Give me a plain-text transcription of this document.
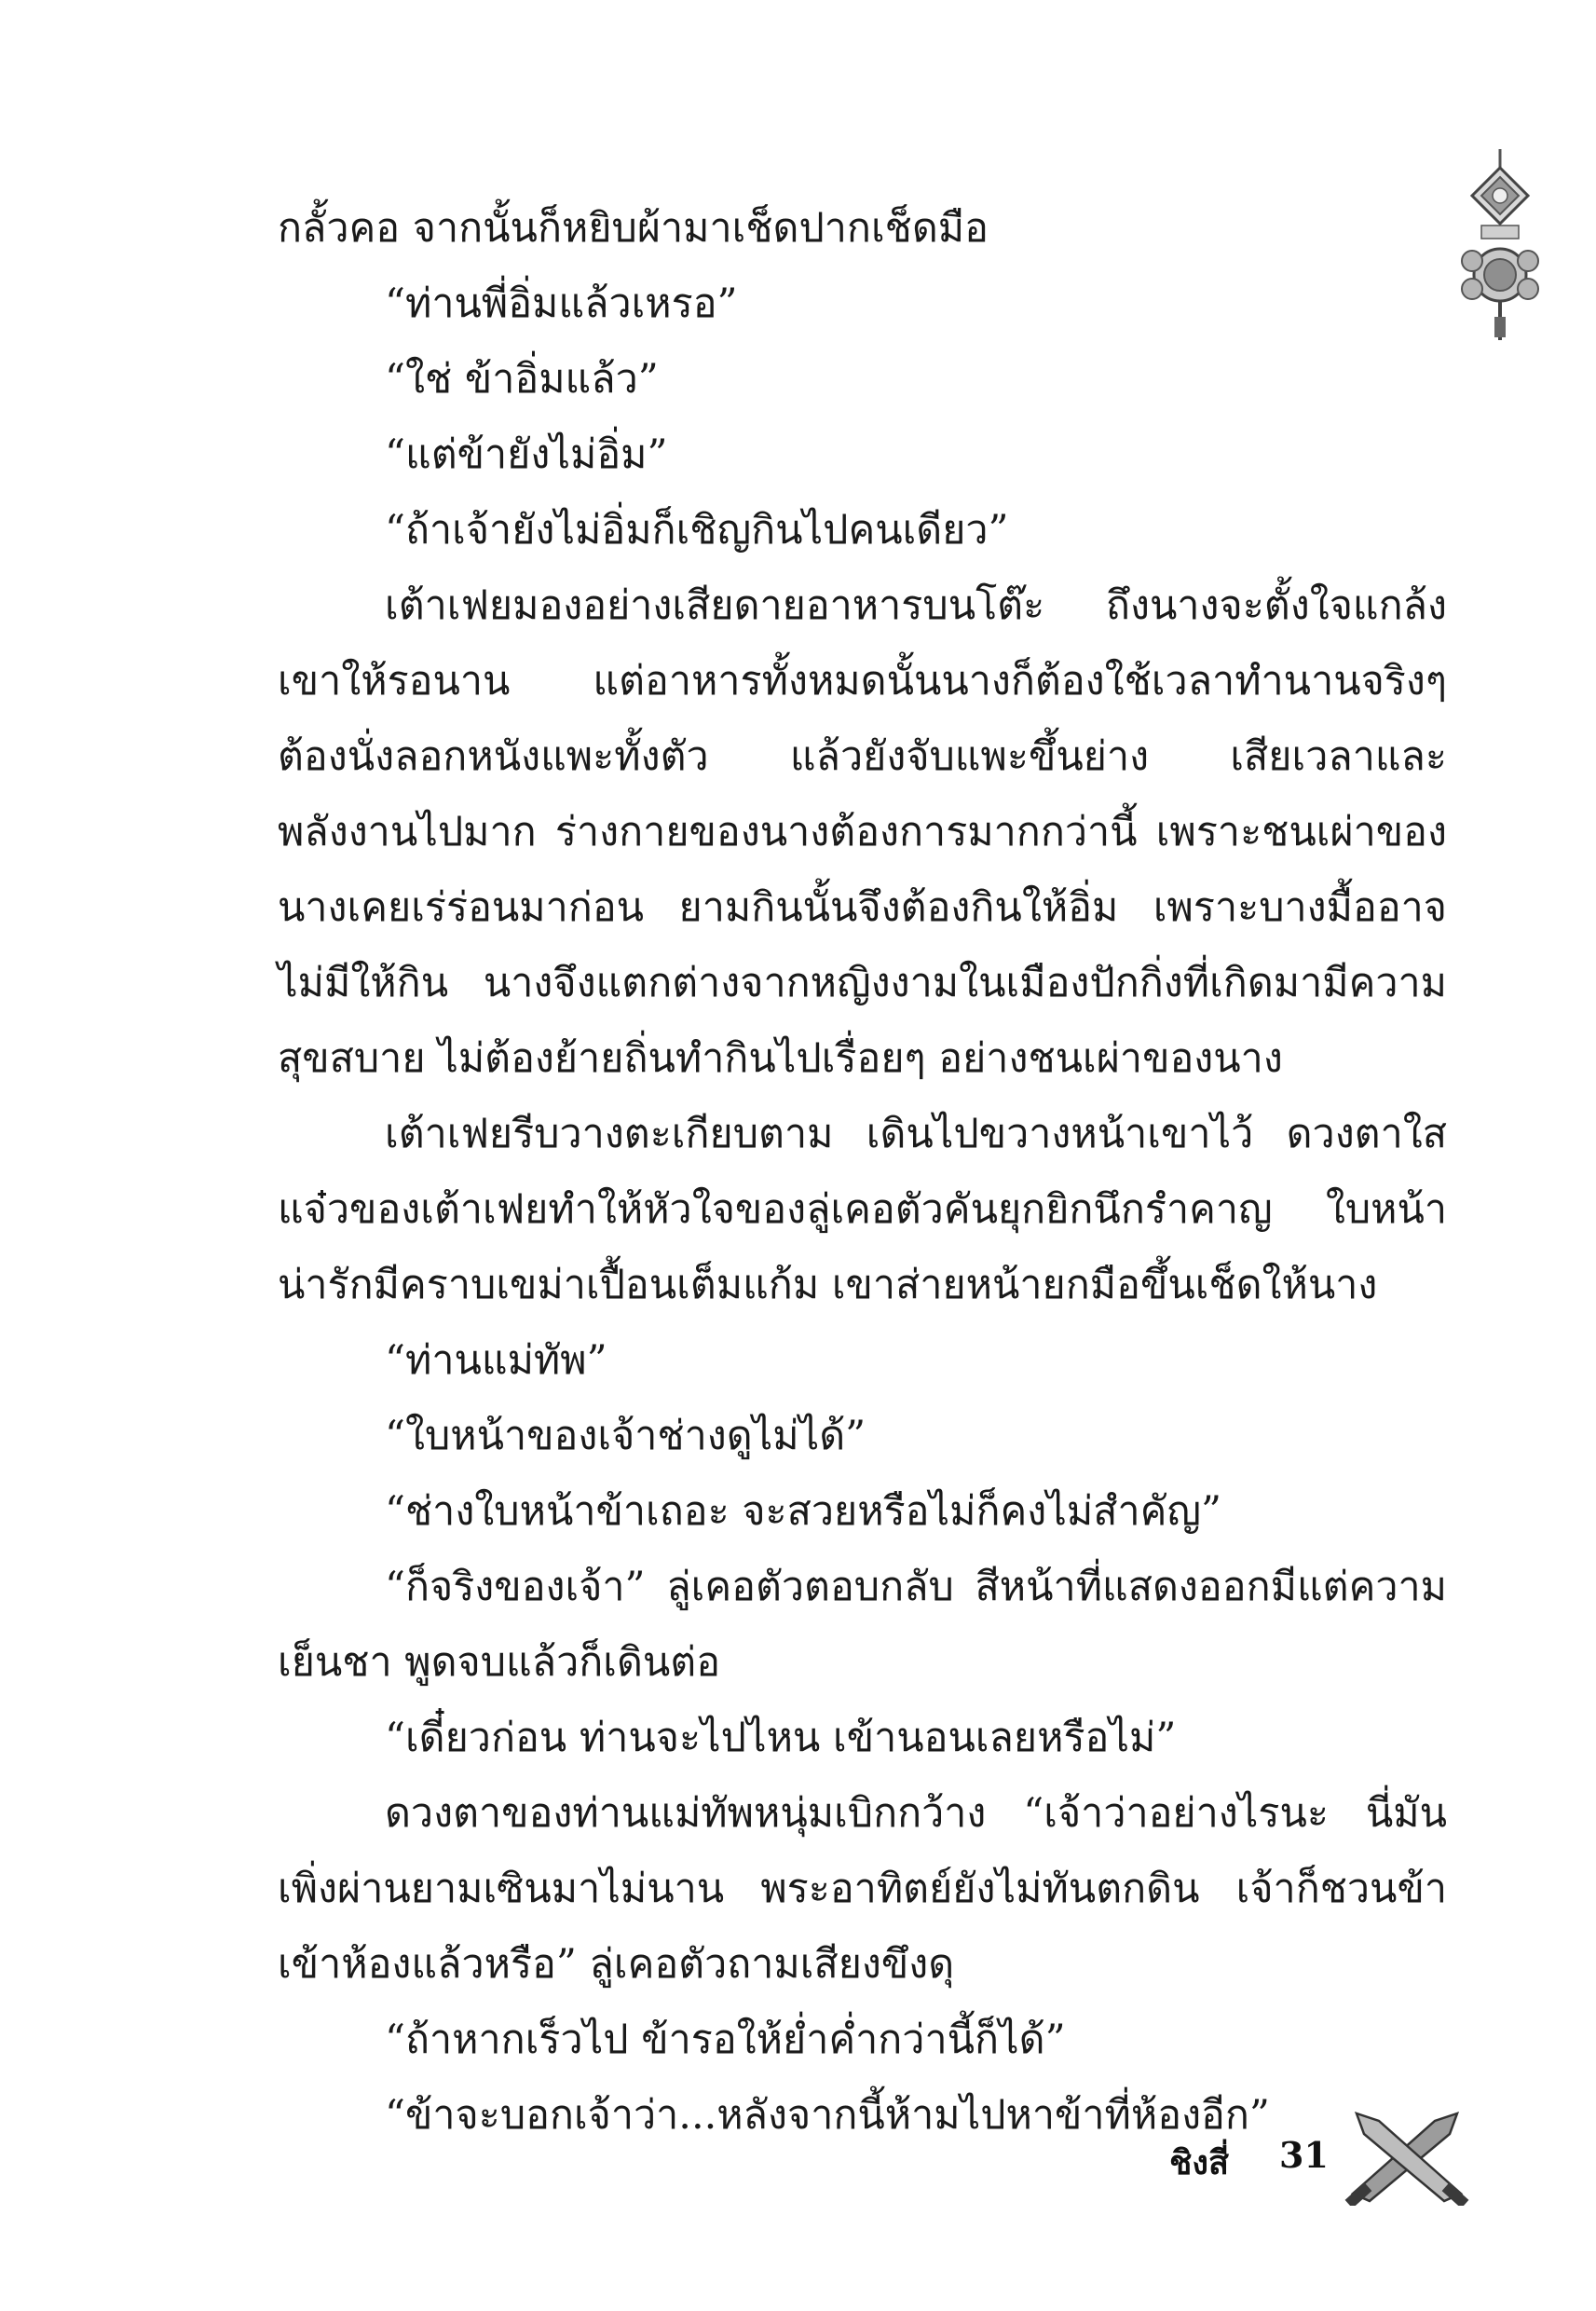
กลั้วคอ จากนั้นก็หยิบผ้ามาเช็ดปากเช็ดมือ

“ท่านพี่อิ่มแล้วเหรอ”

“ใช่ ข้าอิ่มแล้ว”

“แต่ข้ายังไม่อิ่ม”

“ถ้าเจ้ายังไม่อิ่มก็เชิญกินไปคนเดียว”

เต้าเฟยมองอย่างเสียดายอาหารบนโต๊ะ ถึงนางจะตั้งใจแกล้งเขาให้รอนาน แต่อาหารทั้งหมดนั้นนางก็ต้องใช้เวลาทำนานจริงๆ ต้องนั่งลอกหนังแพะทั้งตัว แล้วยังจับแพะขึ้นย่าง เสียเวลาและพลังงานไปมาก ร่างกายของนางต้องการมากกว่านี้ เพราะชนเผ่าของนางเคยเร่ร่อนมาก่อน ยามกินนั้นจึงต้องกินให้อิ่ม เพราะบางมื้ออาจไม่มีให้กิน นางจึงแตกต่างจากหญิงงามในเมืองปักกิ่งที่เกิดมามีความสุขสบาย ไม่ต้องย้ายถิ่นทำกินไปเรื่อยๆ อย่างชนเผ่าของนาง

เต้าเฟยรีบวางตะเกียบตาม เดินไปขวางหน้าเขาไว้ ดวงตาใสแจ๋วของเต้าเฟยทำให้หัวใจของลู่เคอตัวคันยุกยิกนึกรำคาญ ใบหน้าน่ารักมีคราบเขม่าเปื้อนเต็มแก้ม เขาส่ายหน้ายกมือขึ้นเช็ดให้นาง

“ท่านแม่ทัพ”

“ใบหน้าของเจ้าช่างดูไม่ได้”

“ช่างใบหน้าข้าเถอะ จะสวยหรือไม่ก็คงไม่สำคัญ”

“ก็จริงของเจ้า” ลู่เคอตัวตอบกลับ สีหน้าที่แสดงออกมีแต่ความเย็นชา พูดจบแล้วก็เดินต่อ

“เดี๋ยวก่อน ท่านจะไปไหน เข้านอนเลยหรือไม่”

ดวงตาของท่านแม่ทัพหนุ่มเบิกกว้าง “เจ้าว่าอย่างไรนะ นี่มันเพิ่งผ่านยามเซินมาไม่นาน พระอาทิตย์ยังไม่ทันตกดิน เจ้าก็ชวนข้าเข้าห้องแล้วหรือ” ลู่เคอตัวถามเสียงขึงดุ

“ถ้าหากเร็วไป ข้ารอให้ย่ำค่ำกว่านี้ก็ได้”

“ข้าจะบอกเจ้าว่า...หลังจากนี้ห้ามไปหาข้าที่ห้องอีก”

ชิงสี่ 31
